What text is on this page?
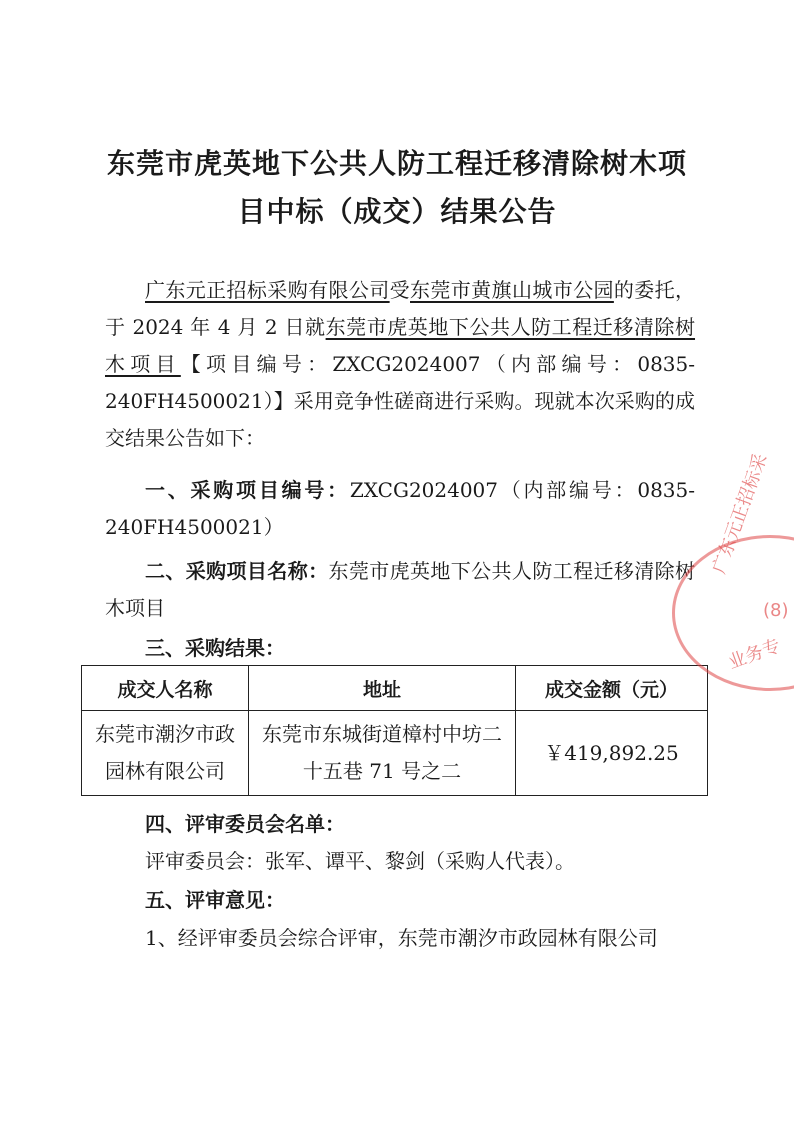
东莞市虎英地下公共人防工程迁移清除树木项
目中标（成交）结果公告

广东元正招标采购有限公司受东莞市黄旗山城市公园的委托，于 2024 年 4 月 2 日就东莞市虎英地下公共人防工程迁移清除树木项目【项目编号：ZXCG2024007（内部编号：0835-240FH4500021）】采用竞争性磋商进行采购。现就本次采购的成交结果公告如下：

一、采购项目编号：ZXCG2024007（内部编号：0835-240FH4500021）

二、采购项目名称：东莞市虎英地下公共人防工程迁移清除树木项目

三、采购结果：

成交人名称	地址	成交金额（元）
东莞市潮汐市政园林有限公司	东莞市东城街道樟村中坊二十五巷 71 号之二	￥419,892.25

四、评审委员会名单：

评审委员会：张军、谭平、黎剑（采购人代表）。

五、评审意见：

1、经评审委员会综合评审，东莞市潮汐市政园林有限公司

广东元正招标采
(8)
业务专
